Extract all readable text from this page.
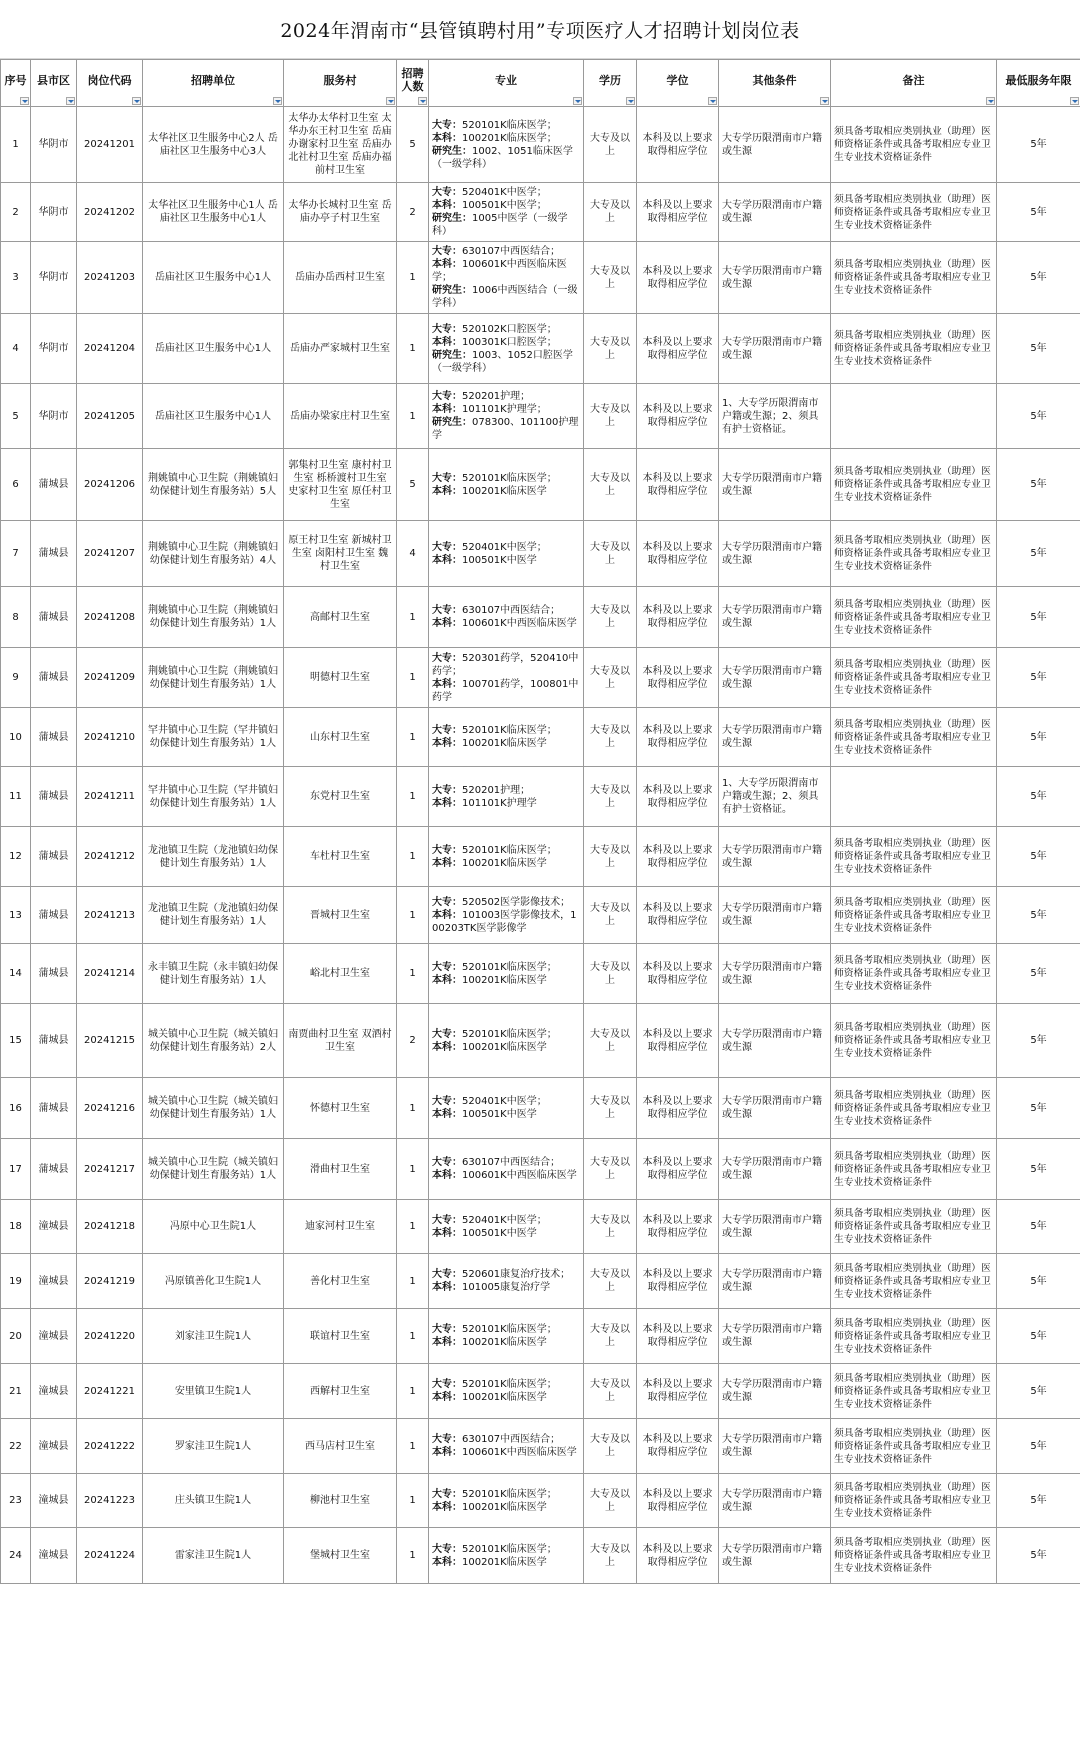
2024年渭南市“县管镇聘村用”专项医疗人才招聘计划岗位表
序号	县市区	岗位代码	招聘单位	服务村	招聘人数	专业	学历	学位	其他条件	备注	最低服务年限

1	华阴市	20241201	太华社区卫生服务中心2人 岳庙社区卫生服务中心3人	太华办太华村卫生室 太华办东王村卫生室 岳庙办谢家村卫生室 岳庙办北社村卫生室 岳庙办福前村卫生室	5	大专：520101K临床医学；
本科：100201K临床医学；
研究生：1002、1051临床医学（一级学科）	大专及以上	本科及以上要求取得相应学位	大专学历限渭南市户籍或生源	须具备考取相应类别执业（助理）医师资格证条件或具备考取相应专业卫生专业技术资格证条件	5年
2	华阴市	20241202	太华社区卫生服务中心1人 岳庙社区卫生服务中心1人	太华办长城村卫生室 岳庙办亭子村卫生室	2	大专：520401K中医学；
本科：100501K中医学；
研究生：1005中医学（一级学科）	大专及以上	本科及以上要求取得相应学位	大专学历限渭南市户籍或生源	须具备考取相应类别执业（助理）医师资格证条件或具备考取相应专业卫生专业技术资格证条件	5年
3	华阴市	20241203	岳庙社区卫生服务中心1人	岳庙办岳西村卫生室	1	大专：630107中西医结合；
本科：100601K中西医临床医学；
研究生：1006中西医结合（一级学科）	大专及以上	本科及以上要求取得相应学位	大专学历限渭南市户籍或生源	须具备考取相应类别执业（助理）医师资格证条件或具备考取相应专业卫生专业技术资格证条件	5年
4	华阴市	20241204	岳庙社区卫生服务中心1人	岳庙办严家城村卫生室	1	大专：520102K口腔医学；
本科：100301K口腔医学；
研究生：1003、1052口腔医学（一级学科）	大专及以上	本科及以上要求取得相应学位	大专学历限渭南市户籍或生源	须具备考取相应类别执业（助理）医师资格证条件或具备考取相应专业卫生专业技术资格证条件	5年
5	华阴市	20241205	岳庙社区卫生服务中心1人	岳庙办梁家庄村卫生室	1	大专：520201护理；
本科：101101K护理学；
研究生：078300、101100护理学	大专及以上	本科及以上要求取得相应学位	1、大专学历限渭南市户籍或生源；2、须具有护士资格证。		5年
6	蒲城县	20241206	荆姚镇中心卫生院（荆姚镇妇幼保健计划生育服务站）5人	郭集村卫生室 康村村卫生室 栎桥渡村卫生室 史家村卫生室 原任村卫生室	5	大专：520101K临床医学；
本科：100201K临床医学	大专及以上	本科及以上要求取得相应学位	大专学历限渭南市户籍或生源	须具备考取相应类别执业（助理）医师资格证条件或具备考取相应专业卫生专业技术资格证条件	5年
7	蒲城县	20241207	荆姚镇中心卫生院（荆姚镇妇幼保健计划生育服务站）4人	原王村卫生室 新城村卫生室 卤阳村卫生室 魏村卫生室	4	大专：520401K中医学；
本科：100501K中医学	大专及以上	本科及以上要求取得相应学位	大专学历限渭南市户籍或生源	须具备考取相应类别执业（助理）医师资格证条件或具备考取相应专业卫生专业技术资格证条件	5年
8	蒲城县	20241208	荆姚镇中心卫生院（荆姚镇妇幼保健计划生育服务站）1人	高邮村卫生室	1	大专：630107中西医结合；
本科：100601K中西医临床医学	大专及以上	本科及以上要求取得相应学位	大专学历限渭南市户籍或生源	须具备考取相应类别执业（助理）医师资格证条件或具备考取相应专业卫生专业技术资格证条件	5年
9	蒲城县	20241209	荆姚镇中心卫生院（荆姚镇妇幼保健计划生育服务站）1人	明德村卫生室	1	大专：520301药学，520410中药学；
本科：100701药学，100801中药学	大专及以上	本科及以上要求取得相应学位	大专学历限渭南市户籍或生源	须具备考取相应类别执业（助理）医师资格证条件或具备考取相应专业卫生专业技术资格证条件	5年
10	蒲城县	20241210	罕井镇中心卫生院（罕井镇妇幼保健计划生育服务站）1人	山东村卫生室	1	大专：520101K临床医学；
本科：100201K临床医学	大专及以上	本科及以上要求取得相应学位	大专学历限渭南市户籍或生源	须具备考取相应类别执业（助理）医师资格证条件或具备考取相应专业卫生专业技术资格证条件	5年
11	蒲城县	20241211	罕井镇中心卫生院（罕井镇妇幼保健计划生育服务站）1人	东党村卫生室	1	大专：520201护理；
本科：101101K护理学	大专及以上	本科及以上要求取得相应学位	1、大专学历限渭南市户籍或生源；2、须具有护士资格证。		5年
12	蒲城县	20241212	龙池镇卫生院（龙池镇妇幼保健计划生育服务站）1人	车杜村卫生室	1	大专：520101K临床医学；
本科：100201K临床医学	大专及以上	本科及以上要求取得相应学位	大专学历限渭南市户籍或生源	须具备考取相应类别执业（助理）医师资格证条件或具备考取相应专业卫生专业技术资格证条件	5年
13	蒲城县	20241213	龙池镇卫生院（龙池镇妇幼保健计划生育服务站）1人	晋城村卫生室	1	大专：520502医学影像技术；
本科：101003医学影像技术，100203TK医学影像学	大专及以上	本科及以上要求取得相应学位	大专学历限渭南市户籍或生源	须具备考取相应类别执业（助理）医师资格证条件或具备考取相应专业卫生专业技术资格证条件	5年
14	蒲城县	20241214	永丰镇卫生院（永丰镇妇幼保健计划生育服务站）1人	峪北村卫生室	1	大专：520101K临床医学；
本科：100201K临床医学	大专及以上	本科及以上要求取得相应学位	大专学历限渭南市户籍或生源	须具备考取相应类别执业（助理）医师资格证条件或具备考取相应专业卫生专业技术资格证条件	5年
15	蒲城县	20241215	城关镇中心卫生院（城关镇妇幼保健计划生育服务站）2人	南贾曲村卫生室 双酒村卫生室	2	大专：520101K临床医学；
本科：100201K临床医学	大专及以上	本科及以上要求取得相应学位	大专学历限渭南市户籍或生源	须具备考取相应类别执业（助理）医师资格证条件或具备考取相应专业卫生专业技术资格证条件	5年
16	蒲城县	20241216	城关镇中心卫生院（城关镇妇幼保健计划生育服务站）1人	怀德村卫生室	1	大专：520401K中医学；
本科：100501K中医学	大专及以上	本科及以上要求取得相应学位	大专学历限渭南市户籍或生源	须具备考取相应类别执业（助理）医师资格证条件或具备考取相应专业卫生专业技术资格证条件	5年
17	蒲城县	20241217	城关镇中心卫生院（城关镇妇幼保健计划生育服务站）1人	滑曲村卫生室	1	大专：630107中西医结合；
本科：100601K中西医临床医学	大专及以上	本科及以上要求取得相应学位	大专学历限渭南市户籍或生源	须具备考取相应类别执业（助理）医师资格证条件或具备考取相应专业卫生专业技术资格证条件	5年
18	潼城县	20241218	冯原中心卫生院1人	迪家河村卫生室	1	大专：520401K中医学；
本科：100501K中医学	大专及以上	本科及以上要求取得相应学位	大专学历限渭南市户籍或生源	须具备考取相应类别执业（助理）医师资格证条件或具备考取相应专业卫生专业技术资格证条件	5年
19	潼城县	20241219	冯原镇善化卫生院1人	善化村卫生室	1	大专：520601康复治疗技术；
本科：101005康复治疗学	大专及以上	本科及以上要求取得相应学位	大专学历限渭南市户籍或生源	须具备考取相应类别执业（助理）医师资格证条件或具备考取相应专业卫生专业技术资格证条件	5年
20	潼城县	20241220	刘家洼卫生院1人	联谊村卫生室	1	大专：520101K临床医学；
本科：100201K临床医学	大专及以上	本科及以上要求取得相应学位	大专学历限渭南市户籍或生源	须具备考取相应类别执业（助理）医师资格证条件或具备考取相应专业卫生专业技术资格证条件	5年
21	潼城县	20241221	安里镇卫生院1人	西解村卫生室	1	大专：520101K临床医学；
本科：100201K临床医学	大专及以上	本科及以上要求取得相应学位	大专学历限渭南市户籍或生源	须具备考取相应类别执业（助理）医师资格证条件或具备考取相应专业卫生专业技术资格证条件	5年
22	潼城县	20241222	罗家洼卫生院1人	西马店村卫生室	1	大专：630107中西医结合；
本科：100601K中西医临床医学	大专及以上	本科及以上要求取得相应学位	大专学历限渭南市户籍或生源	须具备考取相应类别执业（助理）医师资格证条件或具备考取相应专业卫生专业技术资格证条件	5年
23	潼城县	20241223	庄头镇卫生院1人	柳池村卫生室	1	大专：520101K临床医学；
本科：100201K临床医学	大专及以上	本科及以上要求取得相应学位	大专学历限渭南市户籍或生源	须具备考取相应类别执业（助理）医师资格证条件或具备考取相应专业卫生专业技术资格证条件	5年
24	潼城县	20241224	雷家洼卫生院1人	堡城村卫生室	1	大专：520101K临床医学；
本科：100201K临床医学	大专及以上	本科及以上要求取得相应学位	大专学历限渭南市户籍或生源	须具备考取相应类别执业（助理）医师资格证条件或具备考取相应专业卫生专业技术资格证条件	5年
